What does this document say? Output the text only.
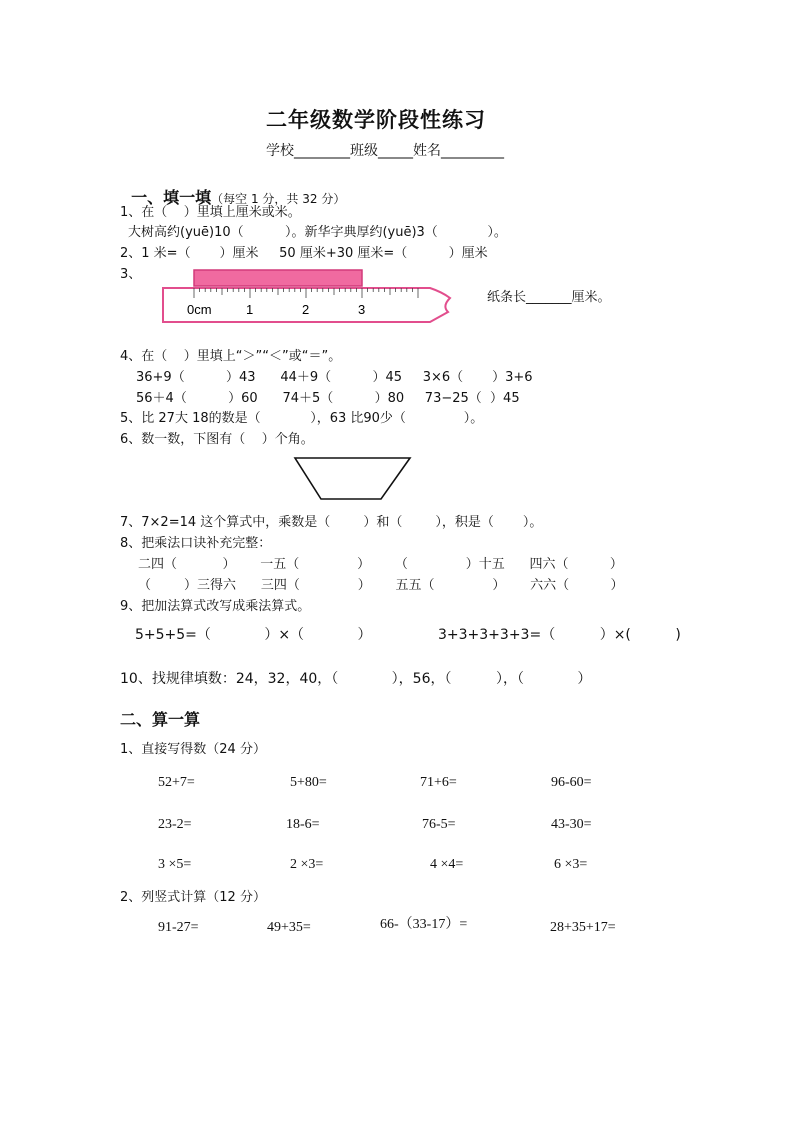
二年级数学阶段性练习
学校________班级_____姓名_________

一、填一填（每空 1 分，共 32 分）

1、在（    ）里填上厘米或米。
大树高约(yuē)10（          ）。新华字典厚约(yuē)3（            ）。
2、1 米=（       ）厘米     50 厘米+30 厘米=（          ）厘米
3、
0cm	1	2	3
纸条长_______厘米。
4、在（    ）里填上“＞”“＜”或“＝”。
36+9（          ）43      44＋9（          ）45     3×6（       ）3+6
56＋4（          ）60      74＋5（          ）80     73−25（  ）45
5、比 27大 18的数是（            ），63 比90少（              ）。
6、数一数，下图有（    ）个角。
7、7×2=14 这个算式中，乘数是（        ）和（        ），积是（       ）。
8、把乘法口诀补充完整：
二四（           ）      一五（              ）      （              ）十五      四六（          ）
（        ）三得六      三四（              ）      五五（              ）      六六（          ）
9、把加法算式改写成乘法算式。
5+5+5=（            ）×（            ）	3+3+3+3+3=（          ）×(          )
10、找规律填数：24，32，40，（            ），56，（          ），（            ）
二、算一算
1、直接写得数（24 分）
52+7=	5+80=	71+6=	96-60=
23-2=	18-6=	76-5=	43-30=
3 ×5=	2 ×3=	4 ×4=	6 ×3=
2、列竖式计算（12 分）
91-27=	49+35=	66-（33-17）=	28+35+17=
